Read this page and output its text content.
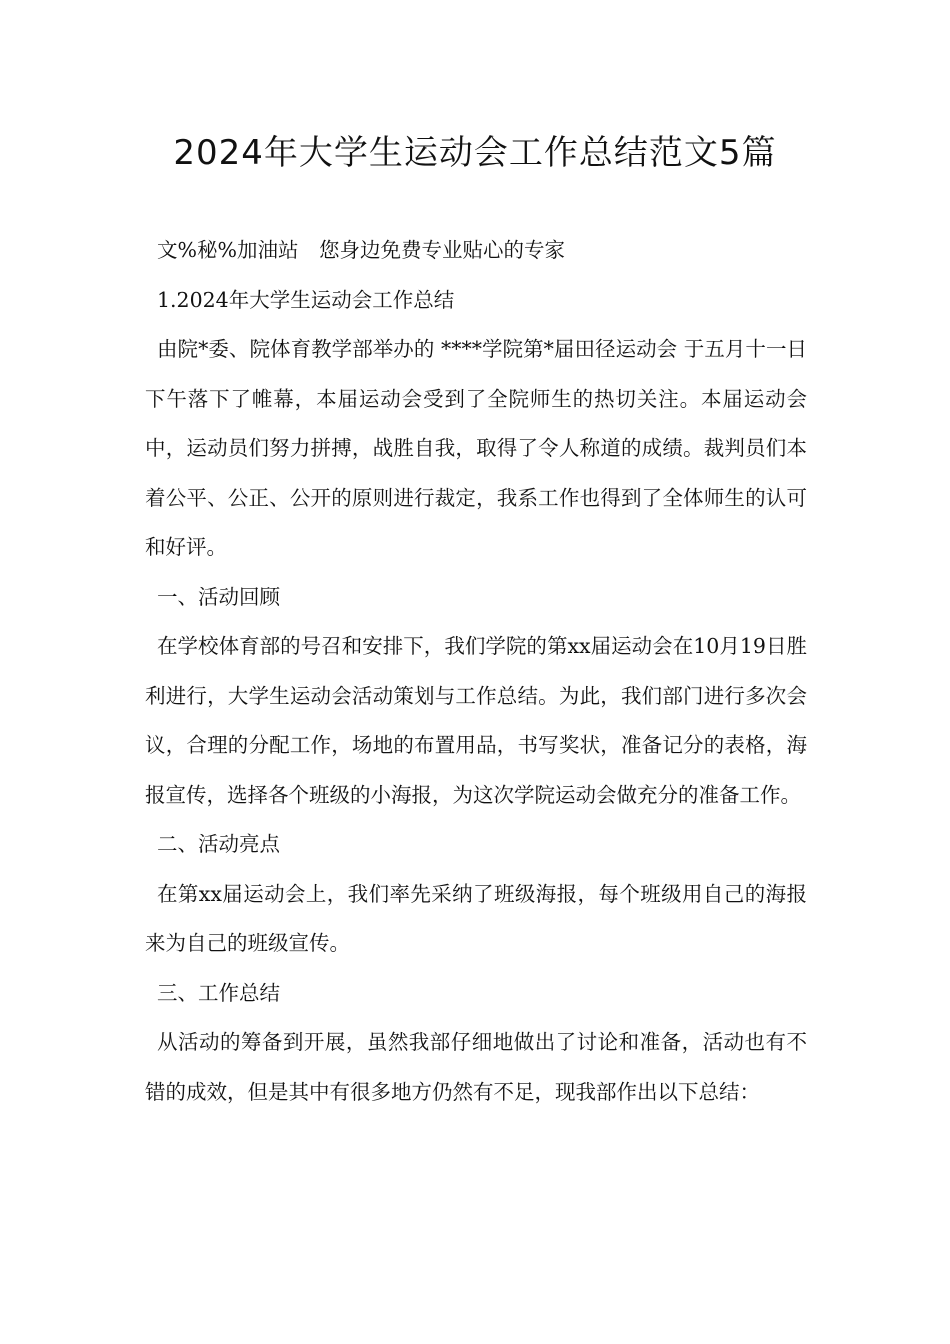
2024年大学生运动会工作总结范文5篇

文%秘%加油站　您身边免费专业贴心的专家

1.2024年大学生运动会工作总结

由院*委、院体育教学部举办的 ****学院第*届田径运动会 于五月十一日下午落下了帷幕，本届运动会受到了全院师生的热切关注。本届运动会中，运动员们努力拼搏，战胜自我，取得了令人称道的成绩。裁判员们本着公平、公正、公开的原则进行裁定，我系工作也得到了全体师生的认可和好评。

一、活动回顾

在学校体育部的号召和安排下，我们学院的第xx届运动会在10月19日胜利进行，大学生运动会活动策划与工作总结。为此，我们部门进行多次会议，合理的分配工作，场地的布置用品，书写奖状，准备记分的表格，海报宣传，选择各个班级的小海报，为这次学院运动会做充分的准备工作。

二、活动亮点

在第xx届运动会上，我们率先采纳了班级海报，每个班级用自己的海报来为自己的班级宣传。

三、工作总结

从活动的筹备到开展，虽然我部仔细地做出了讨论和准备，活动也有不错的成效，但是其中有很多地方仍然有不足，现我部作出以下总结：
